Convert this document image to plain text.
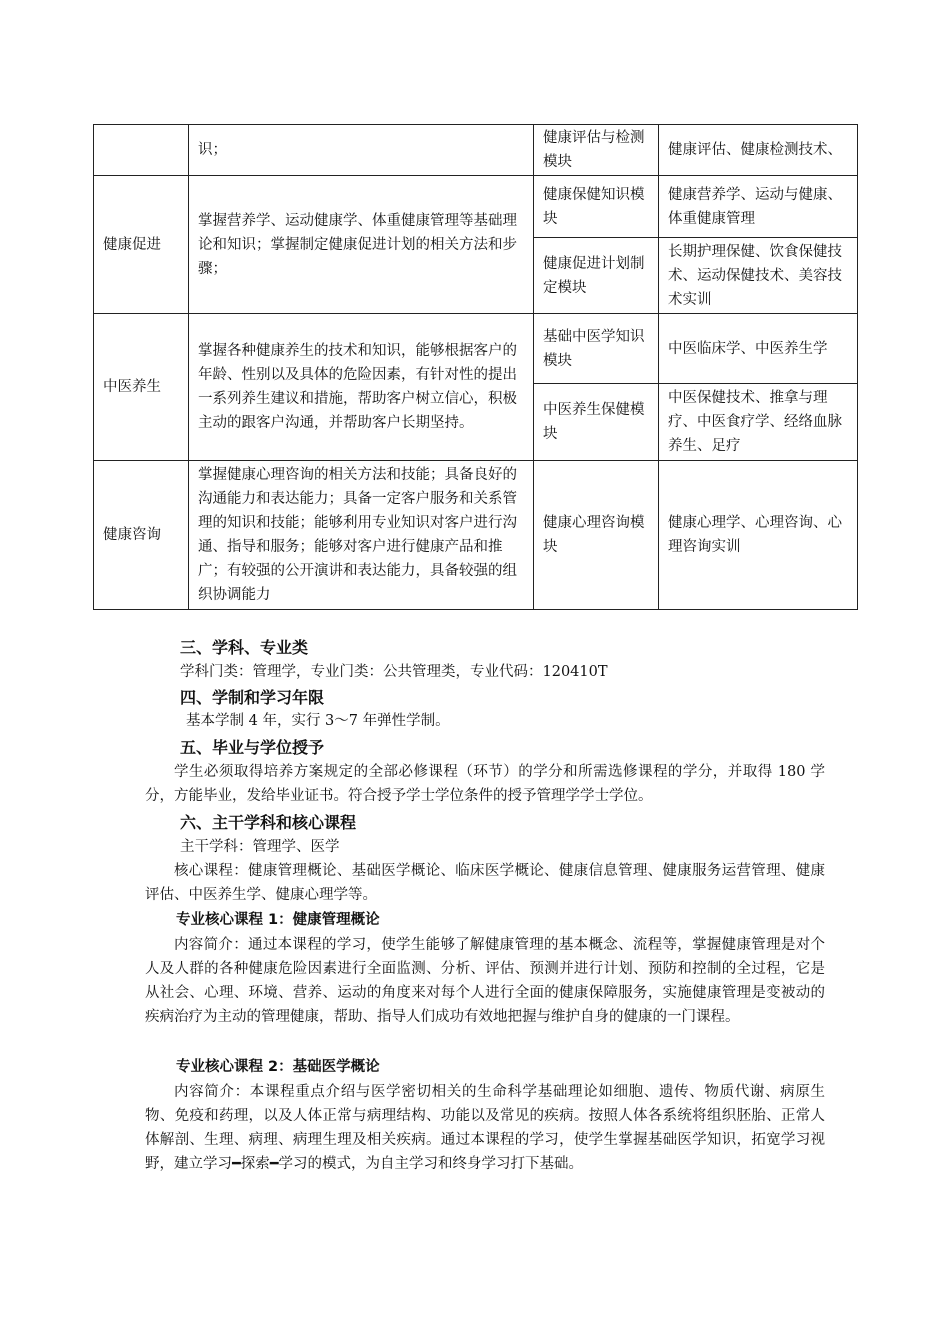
	识；	健康评估与检测模块	健康评估、健康检测技术、
健康促进	掌握营养学、运动健康学、体重健康管理等基础理论和知识；掌握制定健康促进计划的相关方法和步骤；	健康保健知识模块	健康营养学、运动与健康、体重健康管理
		健康促进计划制定模块	长期护理保健、饮食保健技术、运动保健技术、美容技术实训
中医养生	掌握各种健康养生的技术和知识，能够根据客户的年龄、性别以及具体的危险因素，有针对性的提出一系列养生建议和措施，帮助客户树立信心，积极主动的跟客户沟通，并帮助客户长期坚持。	基础中医学知识模块	中医临床学、中医养生学
		中医养生保健模块	中医保健技术、推拿与理疗、中医食疗学、经络血脉养生、足疗
健康咨询	掌握健康心理咨询的相关方法和技能；具备良好的沟通能力和表达能力；具备一定客户服务和关系管理的知识和技能；能够利用专业知识对客户进行沟通、指导和服务；能够对客户进行健康产品和推广；有较强的公开演讲和表达能力，具备较强的组织协调能力	健康心理咨询模块	健康心理学、心理咨询、心理咨询实训
三、学科、专业类
学科门类：管理学，专业门类：公共管理类，专业代码：120410T
四、学制和学习年限
基本学制 4 年，实行 3～7 年弹性学制。
五、毕业与学位授予
学生必须取得培养方案规定的全部必修课程（环节）的学分和所需选修课程的学分，并取得 180 学分，方能毕业，发给毕业证书。符合授予学士学位条件的授予管理学学士学位。
六、主干学科和核心课程
主干学科：管理学、医学
核心课程：健康管理概论、基础医学概论、临床医学概论、健康信息管理、健康服务运营管理、健康评估、中医养生学、健康心理学等。
专业核心课程 1：健康管理概论
内容简介：通过本课程的学习，使学生能够了解健康管理的基本概念、流程等，掌握健康管理是对个人及人群的各种健康危险因素进行全面监测、分析、评估、预测并进行计划、预防和控制的全过程，它是从社会、心理、环境、营养、运动的角度来对每个人进行全面的健康保障服务，实施健康管理是变被动的疾病治疗为主动的管理健康，帮助、指导人们成功有效地把握与维护自身的健康的一门课程。
专业核心课程 2：基础医学概论
内容简介：本课程重点介绍与医学密切相关的生命科学基础理论如细胞、遗传、物质代谢、病原生物、免疫和药理，以及人体正常与病理结构、功能以及常见的疾病。按照人体各系统将组织胚胎、正常人体解剖、生理、病理、病理生理及相关疾病。通过本课程的学习，使学生掌握基础医学知识，拓宽学习视野，建立学习━探索━学习的模式，为自主学习和终身学习打下基础。
